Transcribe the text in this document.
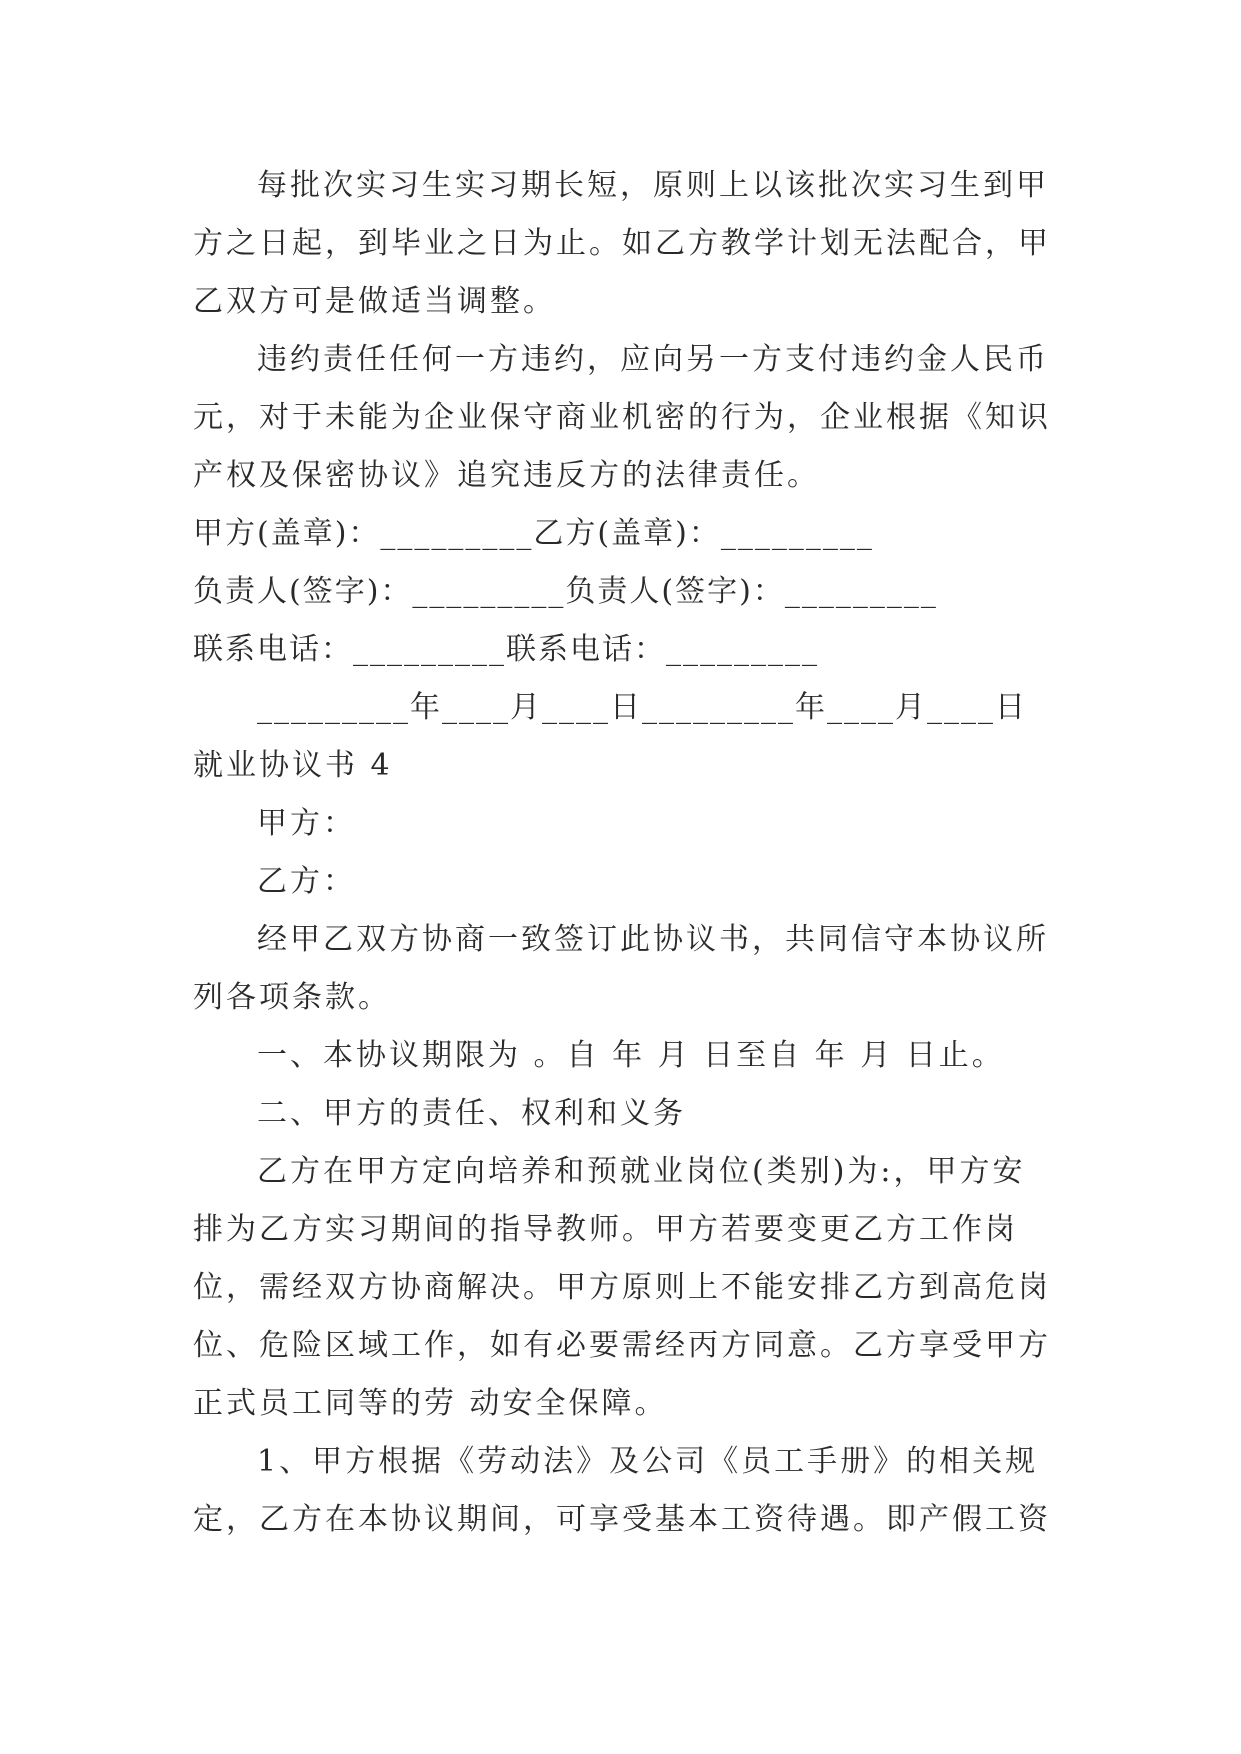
每批次实习生实习期长短，原则上以该批次实习生到甲方之日起，到毕业之日为止。如乙方教学计划无法配合，甲乙双方可是做适当调整。

违约责任任何一方违约，应向另一方支付违约金人民币元，对于未能为企业保守商业机密的行为，企业根据《知识产权及保密协议》追究违反方的法律责任。

甲方(盖章)：_________乙方(盖章)：_________

负责人(签字)：_________负责人(签字)：_________

联系电话：_________联系电话：_________

_________年____月____日_________年____月____日

就业协议书 4

甲方：

乙方：

经甲乙双方协商一致签订此协议书，共同信守本协议所列各项条款。

一、本协议期限为 。自 年 月 日至自 年 月 日止。

二、甲方的责任、权利和义务

乙方在甲方定向培养和预就业岗位(类别)为:，甲方安排为乙方实习期间的指导教师。甲方若要变更乙方工作岗位，需经双方协商解决。甲方原则上不能安排乙方到高危岗位、危险区域工作，如有必要需经丙方同意。乙方享受甲方正式员工同等的劳 动安全保障。

1、甲方根据《劳动法》及公司《员工手册》的相关规定，乙方在本协议期间，可享受基本工资待遇。即产假工资
